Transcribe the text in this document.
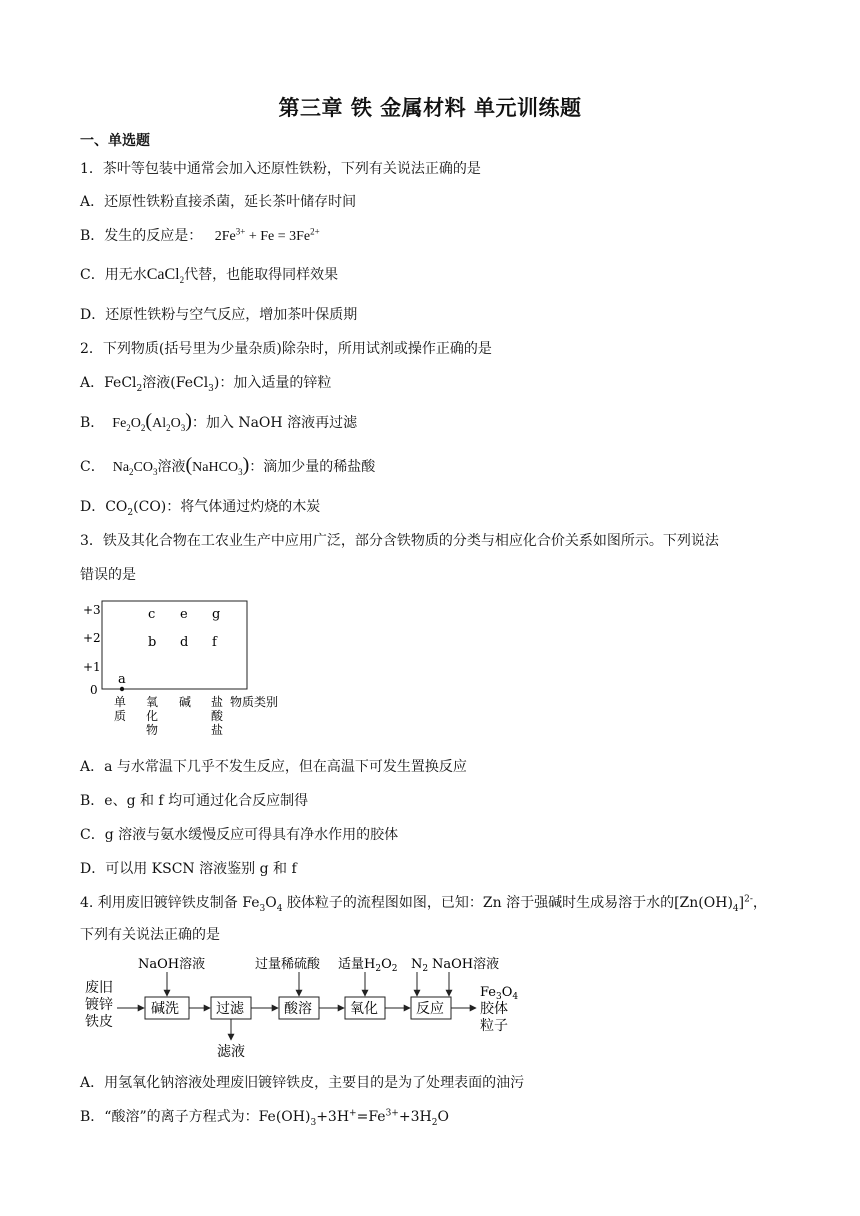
第三章 铁 金属材料 单元训练题
一、单选题
1．茶叶等包装中通常会加入还原性铁粉，下列有关说法正确的是
A．还原性铁粉直接杀菌，延长茶叶储存时间
B．发生的反应是： $2Fe^{3+} + Fe = 3Fe^{2+}$
C．用无水CaCl$_2$代替，也能取得同样效果
D．还原性铁粉与空气反应，增加茶叶保质期
2．下列物质(括号里为少量杂质)除杂时，所用试剂或操作正确的是
A．FeCl$_2$溶液(FeCl$_3$)：加入适量的锌粒
B． $Fe_2O_2(Al_2O_3)$：加入 NaOH 溶液再过滤
C． $Na_2CO_3$溶液(NaHCO$_3$)：滴加少量的稀盐酸
D．$CO_2(CO)$：将气体通过灼烧的木炭
3．铁及其化合物在工农业生产中应用广泛，部分含铁物质的分类与相应化合价关系如图所示。下列说法
错误的是
+3
+2
+1
0
c e g
b d f
a
单
质
氧
化
物
碱 盐
酸
盐
物质类别
A．a 与水常温下几乎不发生反应，但在高温下可发生置换反应
B．e、g 和 f 均可通过化合反应制得
C．g 溶液与氨水缓慢反应可得具有净水作用的胶体
D．可以用 KSCN 溶液鉴别 g 和 f
4. 利用废旧镀锌铁皮制备 $Fe_3O_4$ 胶体粒子的流程图如图，已知：Zn 溶于强碱时生成易溶于水的$[Zn(OH)_4]^{2-}$，
下列有关说法正确的是
废旧
镀锌
铁皮
碱洗	过滤	酸溶	氧化	反应
NaOH溶液	过量稀硫酸 适量$H_2O_2$ $N_2$ NaOH溶液
滤液
$Fe_3O_4$
胶体
粒子
A．用氢氧化钠溶液处理废旧镀锌铁皮，主要目的是为了处理表面的油污
B．“酸溶”的离子方程式为：$Fe(OH)_3+3H^+=Fe^{3+}+3H_2O$
